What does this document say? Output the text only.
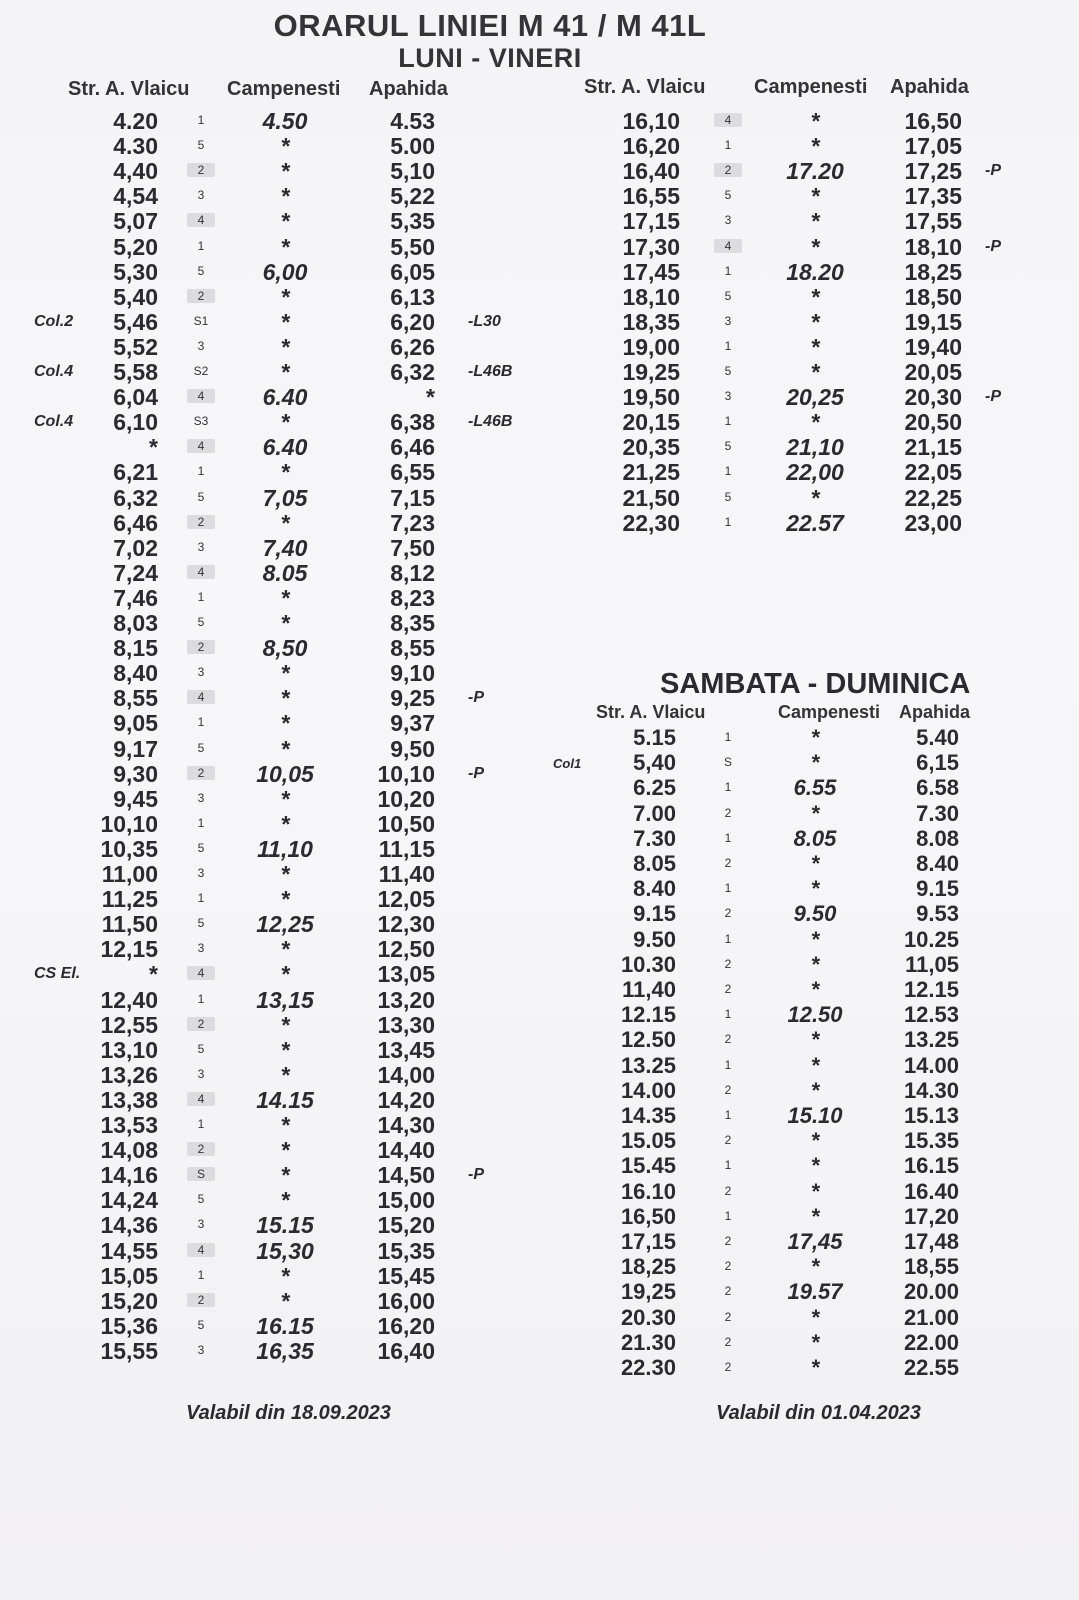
ORARUL LINIEI M 41 / M 41L
LUNI - VINERI
Str. A. Vlaicu Campenesti Apahida	Str. A. Vlaicu Campenesti Apahida
4.20	1	4.50	4.53
4.30	5	*	5.00
4,40	2	*	5,10
4,54	3	*	5,22
5,07	4	*	5,35
5,20	1	*	5,50
5,30	5	6,00	6,05
5,40	2	*	6,13
Col.2	5,46	S1	*	6,20 -L30
5,52	3	*	6,26
Col.4	5,58	S2	*	6,32 -L46B
6,04	4	6.40	*
Col.4	6,10	S3	*	6,38 -L46B
*	4	6.40	6,46
6,21	1	*	6,55
6,32	5	7,05	7,15
6,46	2	*	7,23
7,02	3	7,40	7,50
7,24	4	8.05	8,12
7,46	1	*	8,23
8,03	5	*	8,35
8,15	2	8,50	8,55
8,40	3	*	9,10
8,55	4	*	9,25 -P
9,05	1	*	9,37
9,17	5	*	9,50
9,30	2	10,05	10,10 -P
9,45	3	*	10,20
10,10	1	*	10,50
10,35	5	11,10	11,15
11,00	3	*	11,40
11,25	1	*	12,05
11,50	5	12,25	12,30
12,15	3	*	12,50
CS El.	*	4	*	13,05
12,40	1	13,15	13,20
12,55	2	*	13,30
13,10	5	*	13,45
13,26	3	*	14,00
13,38	4	14.15	14,20
13,53	1	*	14,30
14,08	2	*	14,40
14,16	S	*	14,50 -P
14,24	5	*	15,00
14,36	3	15.15	15,20
14,55	4	15,30	15,35
15,05	1	*	15,45
15,20	2	*	16,00
15,36	5	16.15	16,20
15,55	3	16,35	16,40
16,10	4	*	16,50
16,20	1	*	17,05
16,40	2	17.20	17,25 -P
16,55	5	*	17,35
17,15	3	*	17,55
17,30	4	*	18,10 -P
17,45	1	18.20	18,25
18,10	5	*	18,50
18,35	3	*	19,15
19,00	1	*	19,40
19,25	5	*	20,05
19,50	3	20,25	20,30 -P
20,15	1	*	20,50
20,35	5	21,10	21,15
21,25	1	22,00	22,05
21,50	5	*	22,25
22,30	1	22.57	23,00
SAMBATA - DUMINICA
Str. A. Vlaicu	Campenesti Apahida
5.15	1	*	5.40
Col1	5,40	S	*	6,15
6.25	1	6.55	6.58
7.00	2	*	7.30
7.30	1	8.05	8.08
8.05	2	*	8.40
8.40	1	*	9.15
9.15	2	9.50	9.53
9.50	1	*	10.25
10.30	2	*	11,05
11,40	2	*	12.15
12.15	1	12.50	12.53
12.50	2	*	13.25
13.25	1	*	14.00
14.00	2	*	14.30
14.35	1	15.10	15.13
15.05	2	*	15.35
15.45	1	*	16.15
16.10	2	*	16.40
16,50	1	*	17,20
17,15	2	17,45	17,48
18,25	2	*	18,55
19,25	2	19.57	20.00
20.30	2	*	21.00
21.30	2	*	22.00
22.30	2	*	22.55
Valabil din 18.09.2023	Valabil din 01.04.2023
